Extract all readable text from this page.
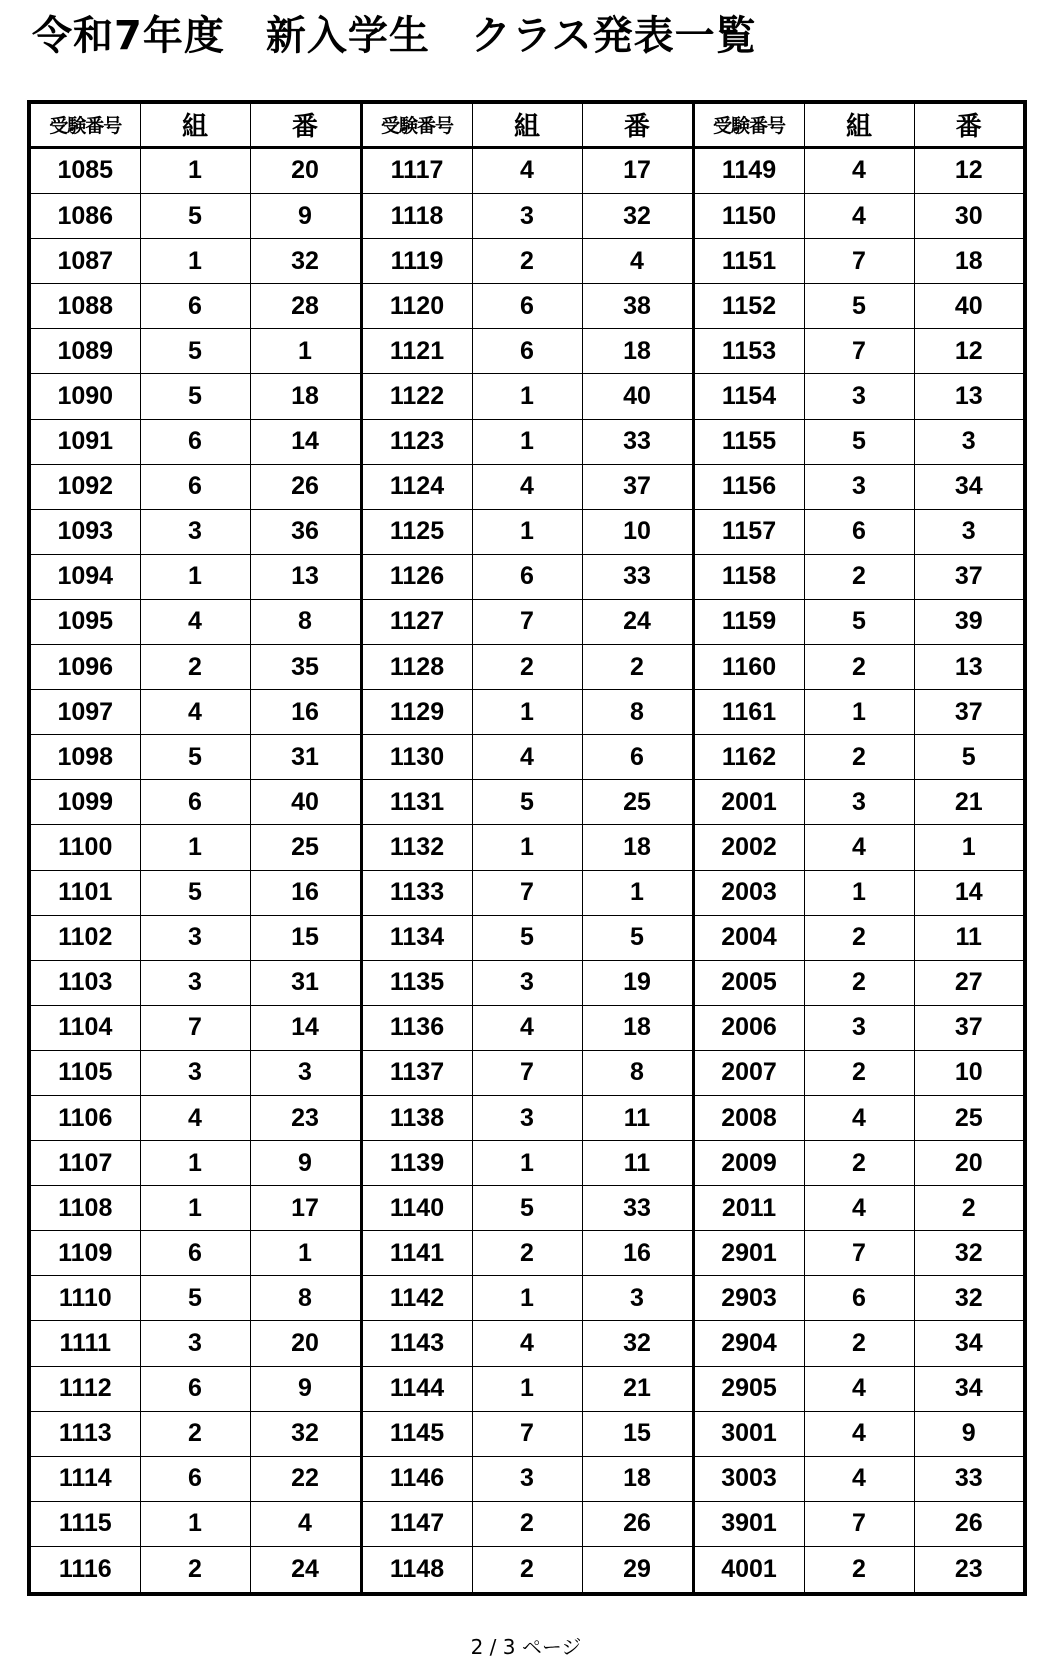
令和7年度　新入学生　クラス発表一覧
受験番号	組	番	受験番号	組	番	受験番号	組	番
1085	1	20	1117	4	17	1149	4	12
1086	5	9	1118	3	32	1150	4	30
1087	1	32	1119	2	4	1151	7	18
1088	6	28	1120	6	38	1152	5	40
1089	5	1	1121	6	18	1153	7	12
1090	5	18	1122	1	40	1154	3	13
1091	6	14	1123	1	33	1155	5	3
1092	6	26	1124	4	37	1156	3	34
1093	3	36	1125	1	10	1157	6	3
1094	1	13	1126	6	33	1158	2	37
1095	4	8	1127	7	24	1159	5	39
1096	2	35	1128	2	2	1160	2	13
1097	4	16	1129	1	8	1161	1	37
1098	5	31	1130	4	6	1162	2	5
1099	6	40	1131	5	25	2001	3	21
1100	1	25	1132	1	18	2002	4	1
1101	5	16	1133	7	1	2003	1	14
1102	3	15	1134	5	5	2004	2	11
1103	3	31	1135	3	19	2005	2	27
1104	7	14	1136	4	18	2006	3	37
1105	3	3	1137	7	8	2007	2	10
1106	4	23	1138	3	11	2008	4	25
1107	1	9	1139	1	11	2009	2	20
1108	1	17	1140	5	33	2011	4	2
1109	6	1	1141	2	16	2901	7	32
1110	5	8	1142	1	3	2903	6	32
1111	3	20	1143	4	32	2904	2	34
1112	6	9	1144	1	21	2905	4	34
1113	2	32	1145	7	15	3001	4	9
1114	6	22	1146	3	18	3003	4	33
1115	1	4	1147	2	26	3901	7	26
1116	2	24	1148	2	29	4001	2	23
2 / 3 ページ
